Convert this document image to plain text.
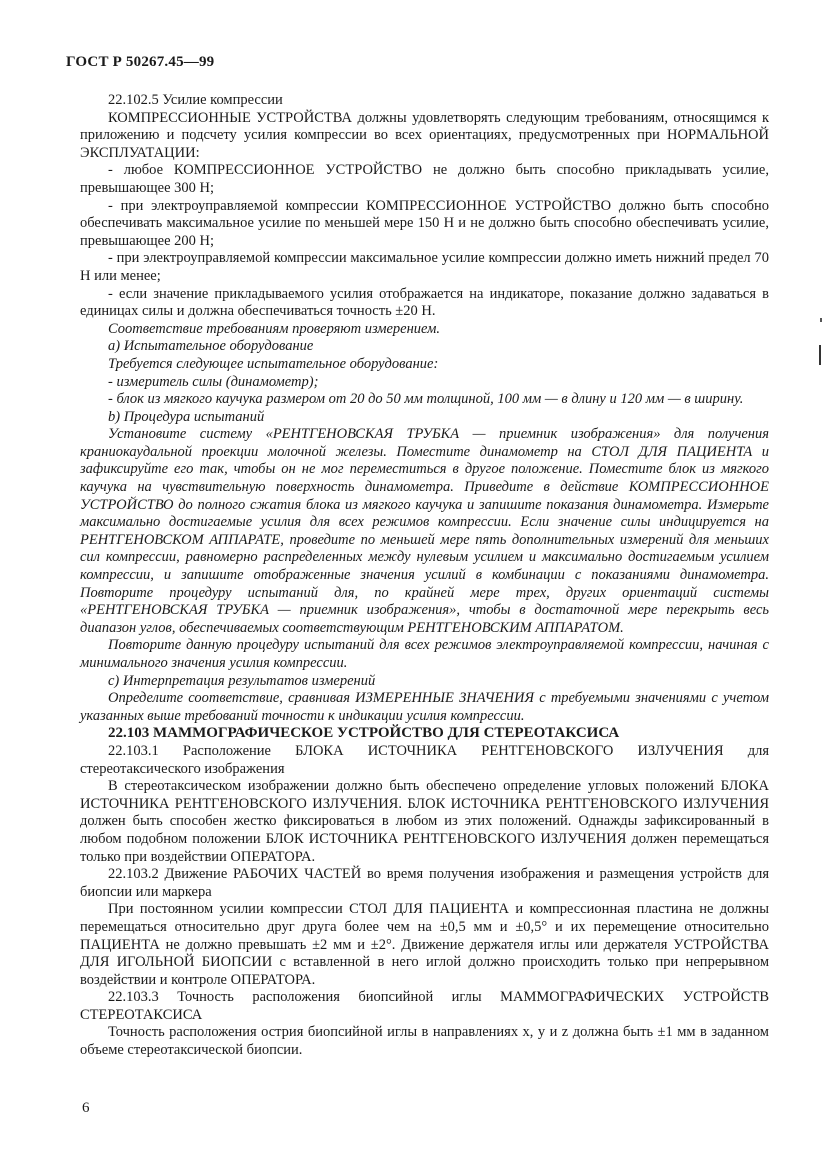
ГОСТ Р 50267.45—99

22.102.5 Усилие компрессии

КОМПРЕССИОННЫЕ УСТРОЙСТВА должны удовлетворять следующим требованиям, относящимся к приложению и подсчету усилия компрессии во всех ориентациях, предусмотренных при НОРМАЛЬНОЙ ЭКСПЛУАТАЦИИ:

- любое КОМПРЕССИОННОЕ УСТРОЙСТВО не должно быть способно прикладывать усилие, превышающее 300 Н;

- при электроуправляемой компрессии КОМПРЕССИОННОЕ УСТРОЙСТВО должно быть способно обеспечивать максимальное усилие по меньшей мере 150 Н и не должно быть способно обеспечивать усилие, превышающее 200 Н;

- при электроуправляемой компрессии максимальное усилие компрессии должно иметь нижний предел 70 Н или менее;

- если значение прикладываемого усилия отображается на индикаторе, показание должно задаваться в единицах силы и должна обеспечиваться точность ±20 Н.

Соответствие требованиям проверяют измерением.

a) Испытательное оборудование

Требуется следующее испытательное оборудование:

- измеритель силы (динамометр);

- блок из мягкого каучука размером от 20 до 50 мм толщиной, 100 мм — в длину и 120 мм — в ширину.

b) Процедура испытаний

Установите систему «РЕНТГЕНОВСКАЯ ТРУБКА — приемник изображения» для получения краниокаудальной проекции молочной железы. Поместите динамометр на СТОЛ ДЛЯ ПАЦИЕНТА и зафиксируйте его так, чтобы он не мог переместиться в другое положение. Поместите блок из мягкого каучука на чувствительную поверхность динамометра. Приведите в действие КОМПРЕССИОННОЕ УСТРОЙСТВО до полного сжатия блока из мягкого каучука и запишите показания динамометра. Измерьте максимально достигаемые усилия для всех режимов компрессии. Если значение силы индицируется на РЕНТГЕНОВСКОМ АППАРАТЕ, проведите по меньшей мере пять дополнительных измерений для меньших сил компрессии, равномерно распределенных между нулевым усилием и максимально достигаемым усилием компрессии, и запишите отображенные значения усилий в комбинации с показаниями динамометра. Повторите процедуру испытаний для, по крайней мере трех, других ориентаций системы «РЕНТГЕНОВСКАЯ ТРУБКА — приемник изображения», чтобы в достаточной мере перекрыть весь диапазон углов, обеспечиваемых соответствующим РЕНТГЕНОВСКИМ АППАРАТОМ.

Повторите данную процедуру испытаний для всех режимов электроуправляемой компрессии, начиная с минимального значения усилия компрессии.

c) Интерпретация результатов измерений

Определите соответствие, сравнивая ИЗМЕРЕННЫЕ ЗНАЧЕНИЯ с требуемыми значениями с учетом указанных выше требований точности к индикации усилия компрессии.

22.103 МАММОГРАФИЧЕСКОЕ УСТРОЙСТВО ДЛЯ СТЕРЕОТАКСИСА

22.103.1 Расположение БЛОКА ИСТОЧНИКА РЕНТГЕНОВСКОГО ИЗЛУЧЕНИЯ для стереотаксического изображения

В стереотаксическом изображении должно быть обеспечено определение угловых положений БЛОКА ИСТОЧНИКА РЕНТГЕНОВСКОГО ИЗЛУЧЕНИЯ. БЛОК ИСТОЧНИКА РЕНТГЕНОВСКОГО ИЗЛУЧЕНИЯ должен быть способен жестко фиксироваться в любом из этих положений. Однажды зафиксированный в любом подобном положении БЛОК ИСТОЧНИКА РЕНТГЕНОВСКОГО ИЗЛУЧЕНИЯ должен перемещаться только при воздействии ОПЕРАТОРА.

22.103.2 Движение РАБОЧИХ ЧАСТЕЙ во время получения изображения и размещения устройств для биопсии или маркера

При постоянном усилии компрессии СТОЛ ДЛЯ ПАЦИЕНТА и компрессионная пластина не должны перемещаться относительно друг друга более чем на ±0,5 мм и ±0,5° и их перемещение относительно ПАЦИЕНТА не должно превышать ±2 мм и ±2°. Движение держателя иглы или держателя УСТРОЙСТВА ДЛЯ ИГОЛЬНОЙ БИОПСИИ с вставленной в него иглой должно происходить только при непрерывном воздействии и контроле ОПЕРАТОРА.

22.103.3 Точность расположения биопсийной иглы МАММОГРАФИЧЕСКИХ УСТРОЙСТВ СТЕРЕОТАКСИСА

Точность расположения острия биопсийной иглы в направлениях x, y и z должна быть ±1 мм в заданном объеме стереотаксической биопсии.

6
